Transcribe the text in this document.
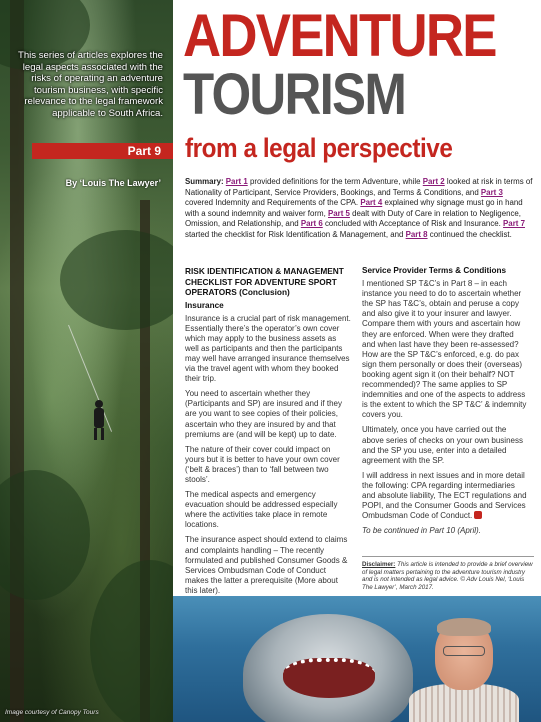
This series of articles explores the legal aspects associated with the risks of operating an adventure tourism business, with specific relevance to the legal framework applicable to South Africa.
Part 9
By ‘Louis The Lawyer’
Image courtesy of Canopy Tours
ADVENTURE
TOURISM
from a legal perspective
Summary: Part 1 provided definitions for the term Adventure, while Part 2 looked at risk in terms of Nationality of Participant, Service Providers, Bookings, and Terms & Conditions, and Part 3 covered Indemnity and Requirements of the CPA. Part 4 explained why signage must go in hand with a sound indemnity and waiver form, Part 5 dealt with Duty of Care in relation to Negligence, Omission, and Relationship, and Part 6 concluded with Acceptance of Risk and Insurance. Part 7 started the checklist for Risk Identification & Management, and Part 8 continued the checklist.
RISK IDENTIFICATION & MANAGEMENT CHECKLIST FOR ADVENTURE SPORT OPERATORS (Conclusion)
Insurance

Insurance is a crucial part of risk management. Essentially there’s the operator’s own cover which may apply to the business assets as well as participants and then the participants may well have arranged insurance themselves via the travel agent with whom they booked their trip.

You need to ascertain whether they (Participants and SP) are insured and if they are you want to see copies of their policies, ascertain who they are insured by and that premiums are (and will be kept) up to date.

The nature of their cover could impact on yours but it is better to have your own cover (‘belt & braces’) than to ‘fall between two stools’.

The medical aspects and emergency evacuation should be addressed especially where the activities take place in remote locations.

The insurance aspect should extend to claims and complaints handling – The recently formulated and published Consumer Goods & Services Ombudsman Code of Conduct makes the latter a prerequisite (More about this later).

Service Provider Terms & Conditions

I mentioned SP T&C’s in Part 8 – in each instance you need to do to ascertain whether the SP has T&C’s, obtain and peruse a copy and also give it to your insurer and lawyer. Compare them with yours and ascertain how they are enforced. When were they drafted and when last have they been re-assessed? How are the SP T&C’s enforced, e.g. do pax sign them personally or does their (overseas) booking agent sign it (on their behalf? NOT recommended)? The same applies to SP indemnities and one of the aspects to address is the extent to which the SP T&C’ & indemnity covers you.

Ultimately, once you have carried out the above series of checks on your own business and the SP you use, enter into a detailed agreement with the SP.

I will address in next issues and in more detail the following: CPA regarding intermediaries and absolute liability, The ECT regulations and POPI, and the Consumer Goods and Services Ombudsman Code of Conduct.

To be continued in Part 10 (April).

Disclaimer: This article is intended to provide a brief overview of legal matters pertaining to the adventure tourism industry and is not intended as legal advice. © Adv Louis Nel, ‘Louis The Lawyer’, March 2017.
